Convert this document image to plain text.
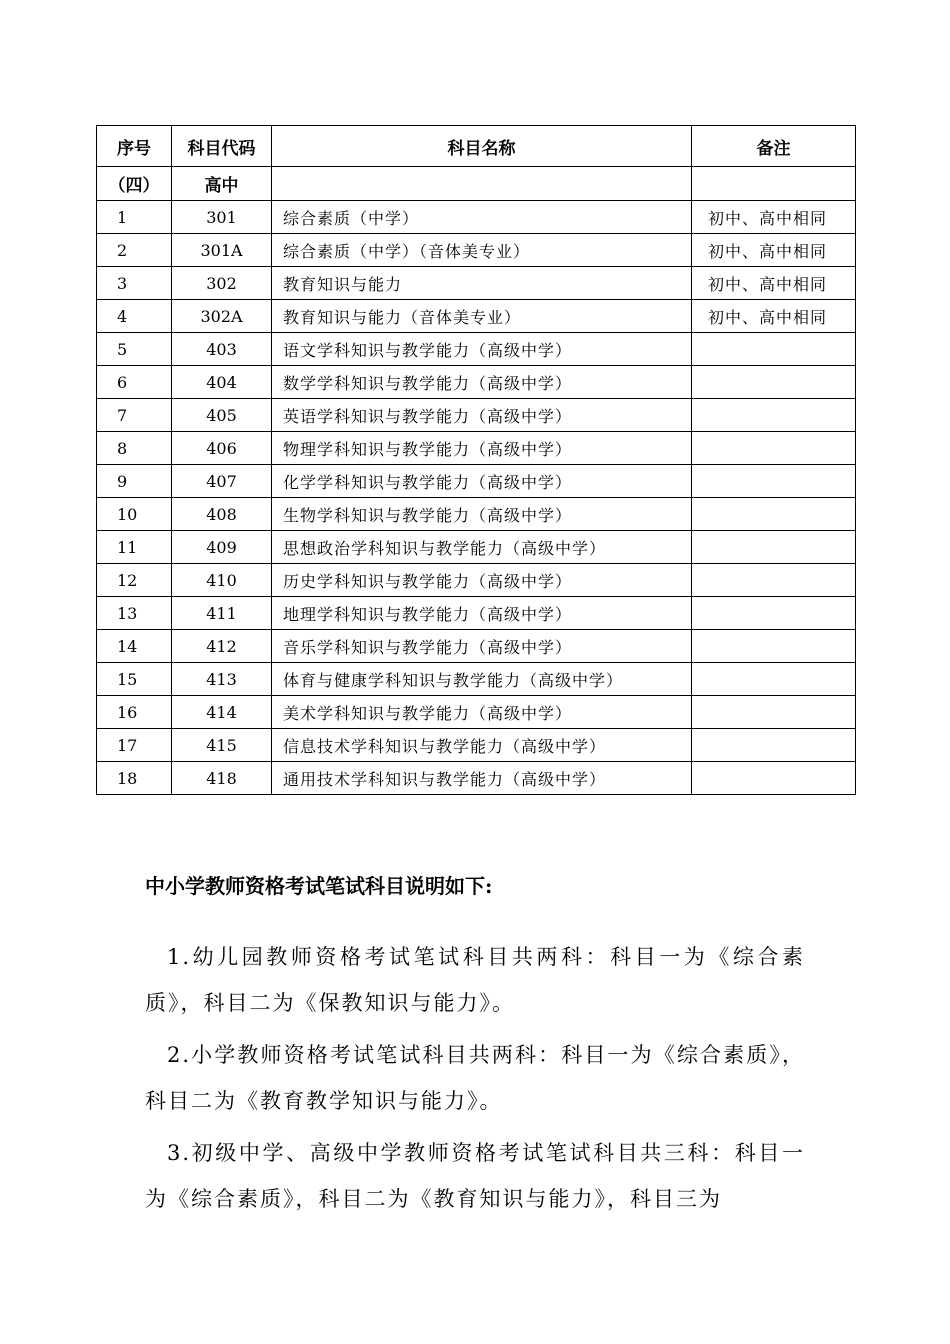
序号	科目代码	科目名称	备注
（四）	高中		
1	301	综合素质（中学）	初中、高中相同
2	301A	综合素质（中学）（音体美专业）	初中、高中相同
3	302	教育知识与能力	初中、高中相同
4	302A	教育知识与能力（音体美专业）	初中、高中相同
5	403	语文学科知识与教学能力（高级中学）	
6	404	数学学科知识与教学能力（高级中学）	
7	405	英语学科知识与教学能力（高级中学）	
8	406	物理学科知识与教学能力（高级中学）	
9	407	化学学科知识与教学能力（高级中学）	
10	408	生物学科知识与教学能力（高级中学）	
11	409	思想政治学科知识与教学能力（高级中学）	
12	410	历史学科知识与教学能力（高级中学）	
13	411	地理学科知识与教学能力（高级中学）	
14	412	音乐学科知识与教学能力（高级中学）	
15	413	体育与健康学科知识与教学能力（高级中学）	
16	414	美术学科知识与教学能力（高级中学）	
17	415	信息技术学科知识与教学能力（高级中学）	
18	418	通用技术学科知识与教学能力（高级中学）	

中小学教师资格考试笔试科目说明如下:

1.幼儿园教师资格考试笔试科目共两科：科目一为《综合素质》，科目二为《保教知识与能力》。

2.小学教师资格考试笔试科目共两科：科目一为《综合素质》，科目二为《教育教学知识与能力》。

3.初级中学、高级中学教师资格考试笔试科目共三科：科目一为《综合素质》，科目二为《教育知识与能力》，科目三为
